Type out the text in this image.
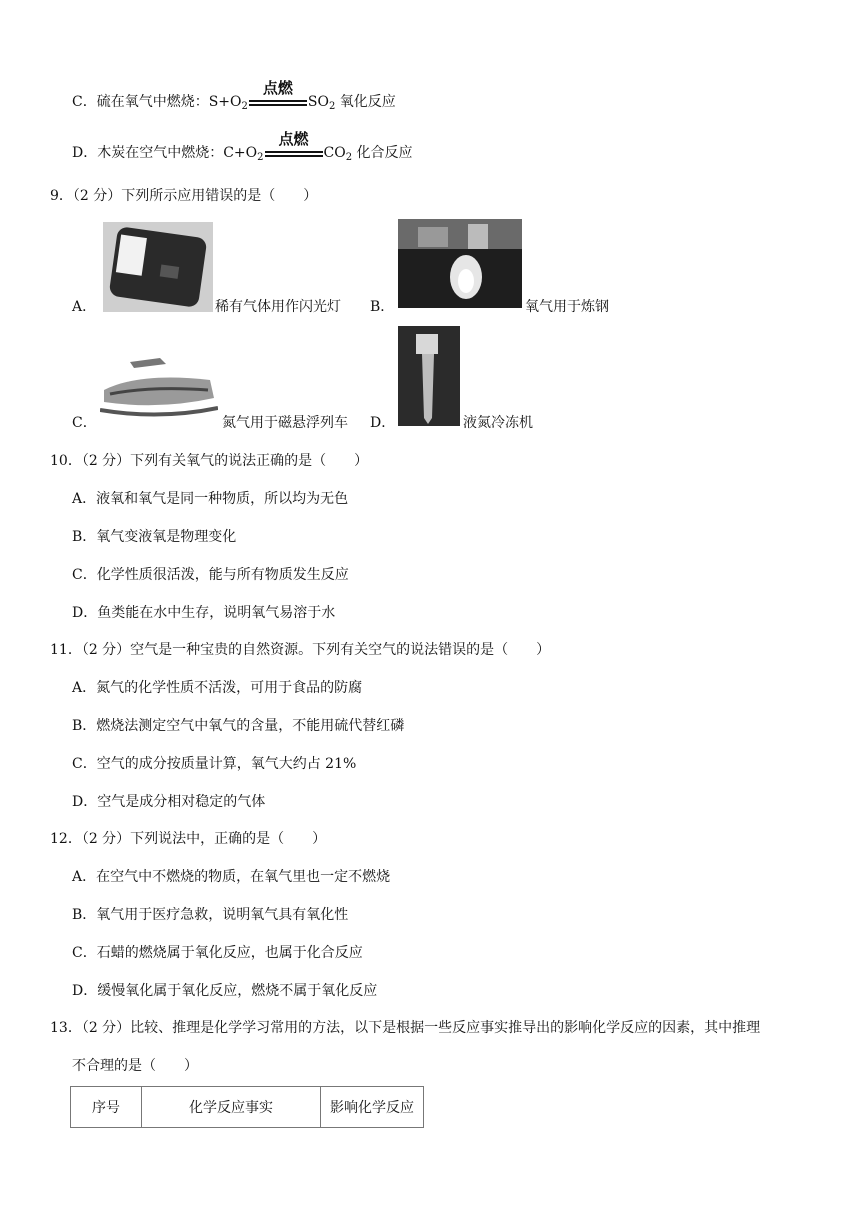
C．硫在氧气中燃烧：$S+O_2$
点燃
$SO_2$ 氧化反应
D．木炭在空气中燃烧：$C+O_2$
点燃
$CO_2$ 化合反应
9．（2 分）下列所示应用错误的是（　　）
A．	稀有气体用作闪光灯 B．	氧气用于炼钢
C．	氮气用于磁悬浮列车 D．	液氮冷冻机
10．（2 分）下列有关氧气的说法正确的是（　　）
A．液氧和氧气是同一种物质，所以均为无色
B．氧气变液氧是物理变化
C．化学性质很活泼，能与所有物质发生反应
D．鱼类能在水中生存，说明氧气易溶于水
11．（2 分）空气是一种宝贵的自然资源。下列有关空气的说法错误的是（　　）
A．氮气的化学性质不活泼，可用于食品的防腐
B．燃烧法测定空气中氧气的含量，不能用硫代替红磷
C．空气的成分按质量计算，氧气大约占 21%
D．空气是成分相对稳定的气体
12．（2 分）下列说法中，正确的是（　　）
A．在空气中不燃烧的物质，在氧气里也一定不燃烧
B．氧气用于医疗急救，说明氧气具有氧化性
C．石蜡的燃烧属于氧化反应，也属于化合反应
D．缓慢氧化属于氧化反应，燃烧不属于氧化反应
13．（2 分）比较、推理是化学学习常用的方法，以下是根据一些反应事实推导出的影响化学反应的因素，其中推理
不合理的是（　　）
序号	化学反应事实	影响化学反应
